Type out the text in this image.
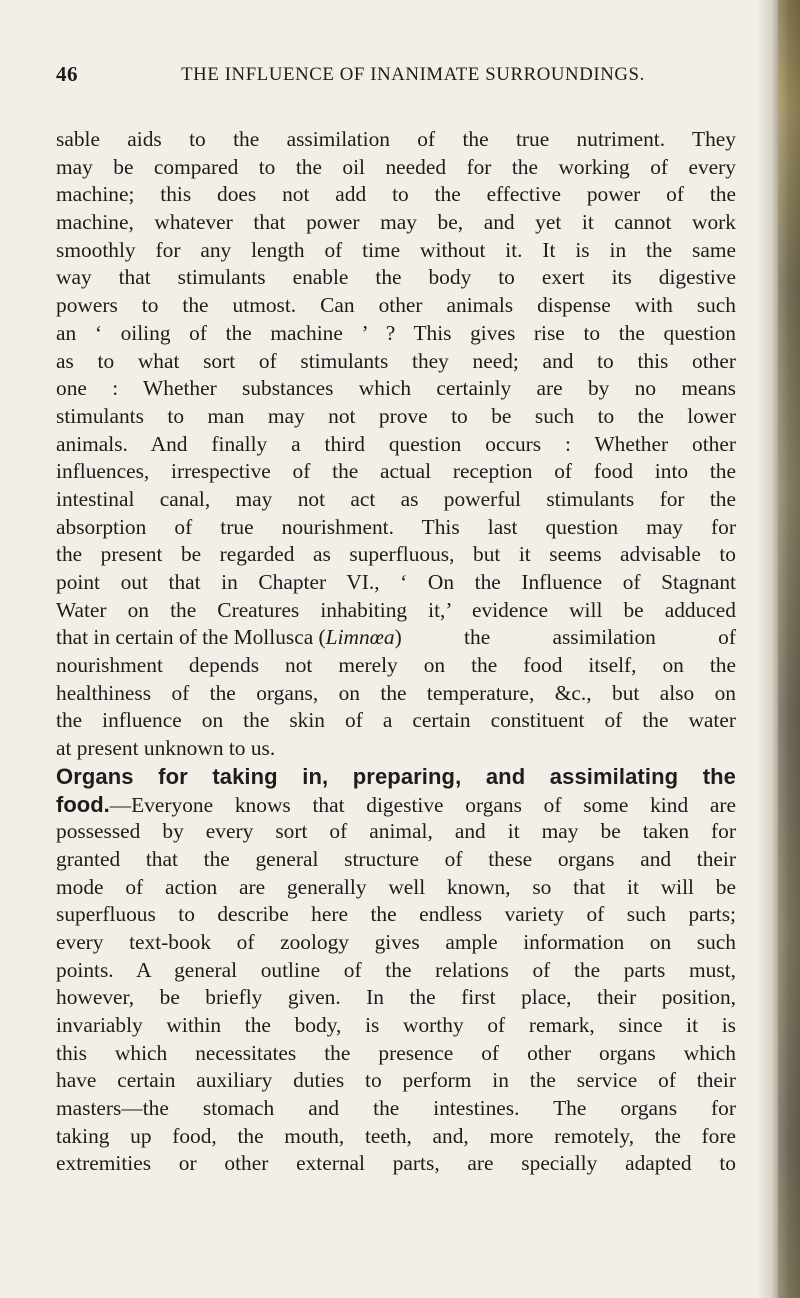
46	THE INFLUENCE OF INANIMATE SURROUNDINGS.
sable aids to the assimilation of the true nutriment. They
may be compared to the oil needed for the working of every
machine; this does not add to the effective power of the
machine, whatever that power may be, and yet it cannot work
smoothly for any length of time without it. It is in the same
way that stimulants enable the body to exert its digestive
powers to the utmost. Can other animals dispense with such
an ‘ oiling of the machine ’ ? This gives rise to the question
as to what sort of stimulants they need; and to this other
one : Whether substances which certainly are by no means
stimulants to man may not prove to be such to the lower
animals. And finally a third question occurs : Whether other
influences, irrespective of the actual reception of food into the
intestinal canal, may not act as powerful stimulants for the
absorption of true nourishment. This last question may for
the present be regarded as superfluous, but it seems advisable to
point out that in Chapter VI., ‘ On the Influence of Stagnant
Water on the Creatures inhabiting it,’ evidence will be adduced
that in certain of the Mollusca ( Limnœa ) the assimilation of
nourishment depends not merely on the food itself, on the
healthiness of the organs, on the temperature, &c., but also on
the influence on the skin of a certain constituent of the water
at present unknown to us.
Organs for taking in, preparing, and assimilating the
food. —Everyone knows that digestive organs of some kind are
possessed by every sort of animal, and it may be taken for
granted that the general structure of these organs and their
mode of action are generally well known, so that it will be
superfluous to describe here the endless variety of such parts;
every text-book of zoology gives ample information on such
points. A general outline of the relations of the parts must,
however, be briefly given. In the first place, their position,
invariably within the body, is worthy of remark, since it is
this which necessitates the presence of other organs which
have certain auxiliary duties to perform in the service of their
masters—the stomach and the intestines. The organs for
taking up food, the mouth, teeth, and, more remotely, the fore
extremities or other external parts, are specially adapted to
